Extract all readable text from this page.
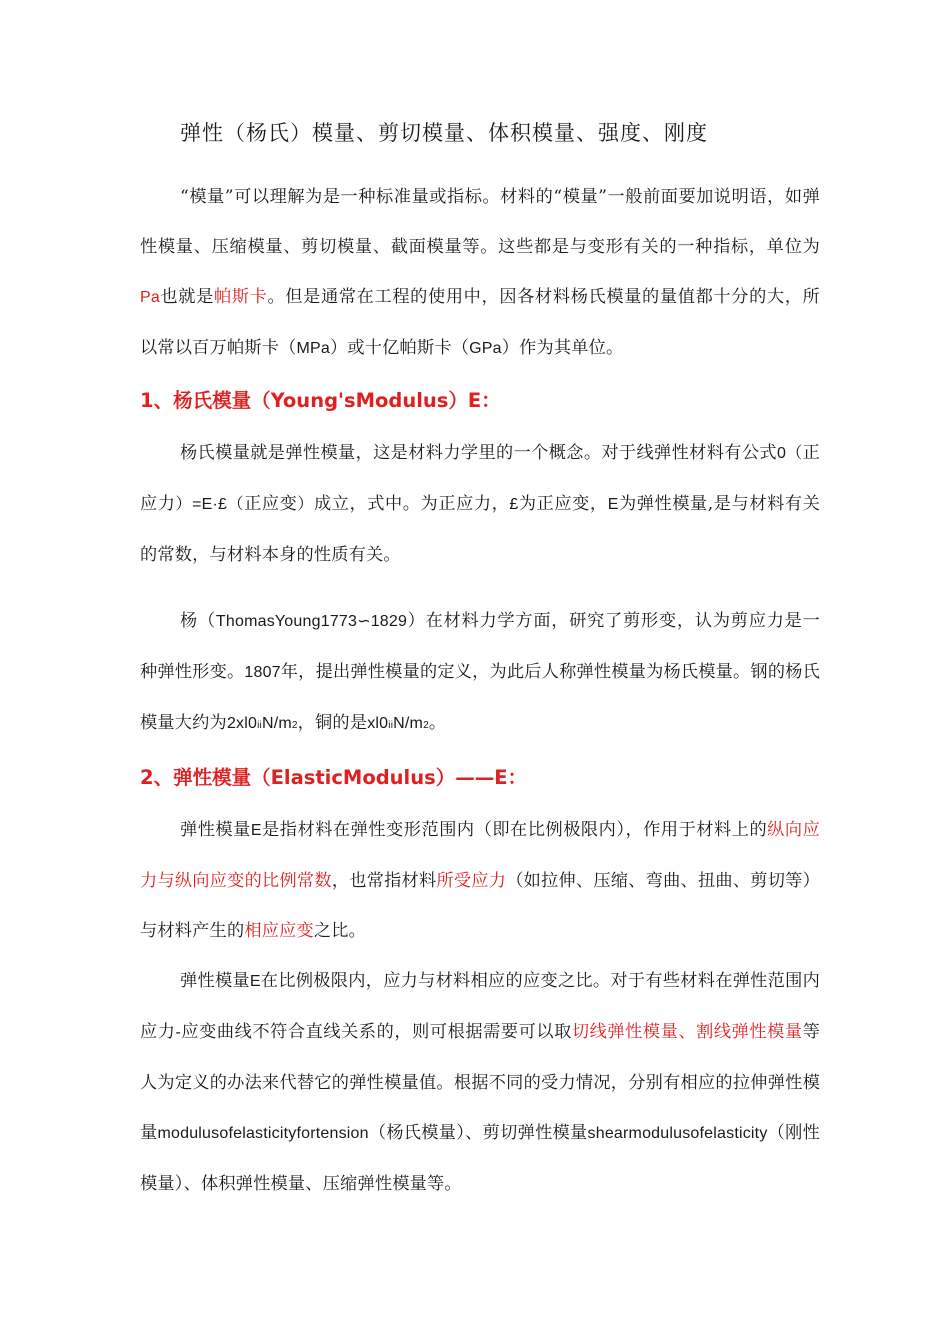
弹性（杨氏）模量、剪切模量、体积模量、强度、刚度

“模量”可以理解为是一种标准量或指标。材料的“模量”一般前面要加说明语，如弹性模量、压缩模量、剪切模量、截面模量等。这些都是与变形有关的一种指标，单位为Pa也就是帕斯卡。但是通常在工程的使用中，因各材料杨氏模量的量值都十分的大，所以常以百万帕斯卡（MPa）或十亿帕斯卡（GPa）作为其单位。

1、杨氏模量（Young'sModulus）E：

杨氏模量就是弹性模量，这是材料力学里的一个概念。对于线弹性材料有公式0（正应力）=E·£（正应变）成立，式中。为正应力，£为正应变，E为弹性模量,是与材料有关的常数，与材料本身的性质有关。

杨（ThomasYoung1773∽1829）在材料力学方面，研究了剪形变，认为剪应力是一种弹性形变。1807年，提出弹性模量的定义，为此后人称弹性模量为杨氏模量。钢的杨氏模量大约为2xl0iiN/m2，铜的是xl0iiN/m2。

2、弹性模量（ElasticModulus）——E：

弹性模量E是指材料在弹性变形范围内（即在比例极限内），作用于材料上的纵向应力与纵向应变的比例常数，也常指材料所受应力（如拉伸、压缩、弯曲、扭曲、剪切等）与材料产生的相应应变之比。

弹性模量E在比例极限内，应力与材料相应的应变之比。对于有些材料在弹性范围内应力-应变曲线不符合直线关系的，则可根据需要可以取切线弹性模量、割线弹性模量等人为定义的办法来代替它的弹性模量值。根据不同的受力情况，分别有相应的拉伸弹性模量modulusofelasticityfortension（杨氏模量）、剪切弹性模量shearmodulusofelasticity（刚性模量）、体积弹性模量、压缩弹性模量等。
